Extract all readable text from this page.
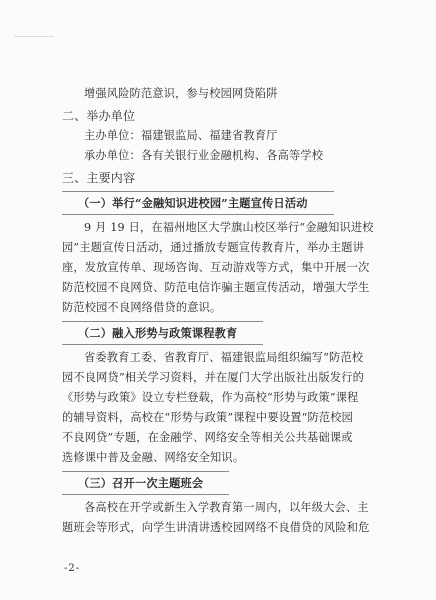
增强风险防范意识，参与校园网贷陷阱
二、举办单位
主办单位：福建银监局、福建省教育厅
承办单位：各有关银行业金融机构、各高等学校
三、主要内容
（一）举行“金融知识进校园”主题宣传日活动
9 月 19 日，在福州地区大学旗山校区举行“金融知识进校
园”主题宣传日活动，通过播放专题宣传教育片，举办主题讲
座，发放宣传单、现场咨询、互动游戏等方式，集中开展一次
防范校园不良网贷、防范电信诈骗主题宣传活动，增强大学生
防范校园不良网络借贷的意识。
（二）融入形势与政策课程教育
省委教育工委、省教育厅、福建银监局组织编写“防范校
园不良网贷”相关学习资料，并在厦门大学出版社出版发行的
《形势与政策》设立专栏登载，作为高校“形势与政策”课程
的辅导资料，高校在“形势与政策”课程中要设置“防范校园
不良网贷”专题，在金融学、网络安全等相关公共基础课或
选修课中普及金融、网络安全知识。
（三）召开一次主题班会
各高校在开学或新生入学教育第一周内，以年级大会、主
题班会等形式，向学生讲清讲透校园网络不良借贷的风险和危
-2-
